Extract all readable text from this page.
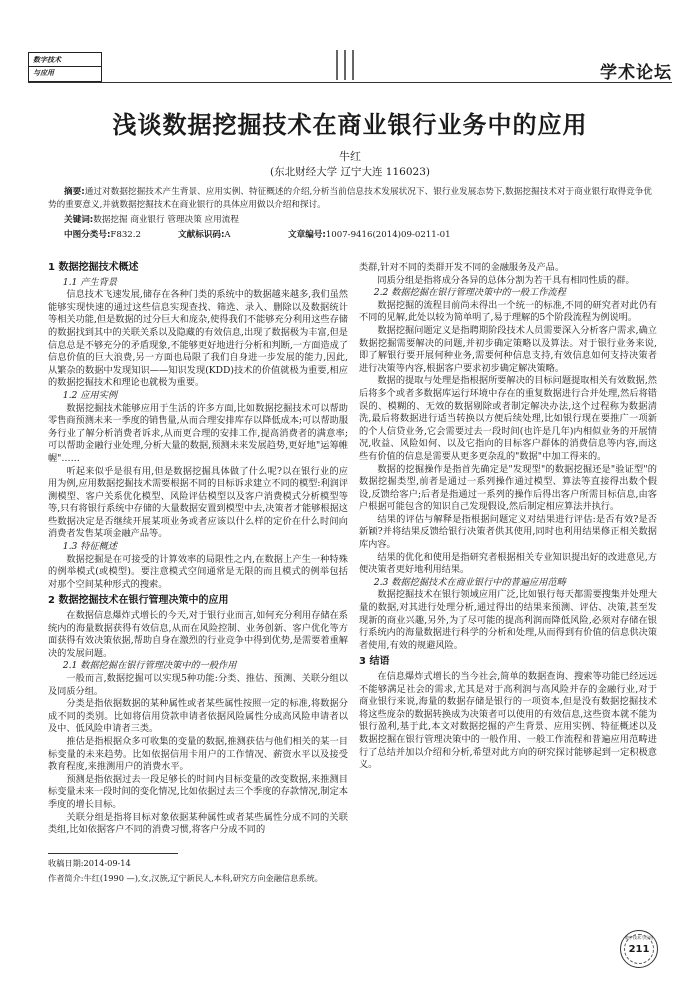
数字技术
与应用	学术论坛
浅谈数据挖掘技术在商业银行业务中的应用
牛红
(东北财经大学 辽宁大连 116023)
摘要:通过对数据挖掘技术产生背景、应用实例、特征概述的介绍,分析当前信息技术发展状况下、银行业发展态势下,数据挖掘技术对于商业银行取得竞争优势的重要意义,并就数据挖掘技术在商业银行的具体应用做以介绍和探讨。
关键词:数据挖掘 商业银行 管理决策 应用流程
中图分类号:F832.2	文献标识码:A	文章编号:1007-9416(2014)09-0211-01
1 数据挖掘技术概述
1.1 产生背景

信息技术飞速发展,储存在各种门类的系统中的数据越来越多,我们虽然能够实现快速的通过这些信息实现查找、筛选、录入、删除以及数据统计等相关功能,但是数据的过分巨大和庞杂,使得我们不能够充分利用这些存储的数据找到其中的关联关系以及隐藏的有效信息,出现了数据极为丰富,但是信息总是不够充分的矛盾现象,不能够更好地进行分析和判断,一方面造成了信息价值的巨大浪费,另一方面也局限了我们自身进一步发展的能力,因此,从繁杂的数据中发现知识——知识发现(KDD)技术的价值就极为重要,相应的数据挖掘技术和理论也就极为重要。

1.2 应用实例

数据挖掘技术能够应用于生活的许多方面,比如数据挖掘技术可以帮助零售商预测未来一季度的销售量,从而合理安排库存以降低成本;可以帮助服务行业了解分析消费者诉求,从而更合理的安排工作,提高消费者的满意率;可以帮助金融行业处理,分析大量的数据,预测未来发展趋势,更好地"运筹帷幄"……

听起来似乎是很有用,但是数据挖掘具体做了什么呢?以在银行业的应用为例,应用数据挖掘技术需要根据不同的目标诉求建立不同的模型:利润评测模型、客户关系优化模型、风险评估模型以及客户消费模式分析模型等等,只有将银行系统中存储的大量数据安置到模型中去,决策者才能够根据这些数据决定是否继续开展某项业务或者应该以什么样的定价在什么时间向消费者发售某项金融产品等。

1.3 特征概述

数据挖掘是在可接受的计算效率的局限性之内,在数据上产生一种特殊的例举模式(或模型)。要注意模式空间通常是无限的而且模式的例举包括对那个空间某种形式的搜索。

2 数据挖掘技术在银行管理决策中的应用

在数据信息爆炸式增长的今天,对于银行业而言,如何充分利用存储在系统内的海量数据获得有效信息,从而在风险控制、业务创新、客户优化等方面获得有效决策依据,帮助自身在激烈的行业竞争中得到优势,是需要着重解决的发展问题。

2.1 数据挖掘在银行管理决策中的一般作用

一般而言,数据挖掘可以实现5种功能:分类、推估、预测、关联分组以及同质分组。

分类是指依据数据的某种属性或者某些属性按照一定的标准,将数据分成不同的类别。比如将信用贷款申请者依据风险属性分成高风险申请者以及中、低风险申请者三类。

推估是指根据众多可收集的变量的数据,推测获估与他们相关的某一目标变量的未来趋势。比如依据信用卡用户的工作情况、薪资水平以及接受教育程度,来推测用户的消费水平。

预测是指依据过去一段足够长的时间内目标变量的改变数据,来推测目标变量未来一段时间的变化情况,比如依据过去三个季度的存款情况,制定本季度的增长目标。

关联分组是指将目标对象依据某种属性或者某些属性分成不同的关联类组,比如依据客户不同的消费习惯,将客户分成不同的

类群,针对不同的类群开发不同的金融服务及产品。

同质分组是指将成分各异的总体分割为若干具有相同性质的群。

2.2 数据挖掘在银行管理决策中的一般工作流程

数据挖掘的流程目前尚未得出一个统一的标准,不同的研究者对此仍有不同的见解,此处以较为简单明了,易于理解的5个阶段流程为例说明。

数据挖掘问题定义是指聘期阶段技术人员需要深入分析客户需求,确立数据挖掘需要解决的问题,并初步确定策略以及算法。对于银行业务来说,即了解银行要开展何种业务,需要何种信息支持,有效信息如何支持决策者进行决策等内容,根据客户要求初步确定解决策略。

数据的提取与处理是指根据所要解决的目标问题提取相关有效数据,然后将多个或者多数据库运行环境中存在的重复数据进行合并处理,然后将错误的、模糊的、无效的数据剔除或者制定解决办法,这个过程称为数据清洗,最后将数据进行适当转换以方便后续处理,比如银行现在要推广一项新的个人信贷业务,它会需要过去一段时间(也许是几年)内相似业务的开展情况,收益、风险如何、以及它指向的目标客户群体的消费信息等内容,而这些有价值的信息是需要从更多更杂乱的"数据"中加工得来的。

数据的挖掘操作是指首先确定是"发现型"的数据挖掘还是"验证型"的数据挖掘类型,前者是通过一系列操作通过模型、算法等直接得出数个假设,反馈给客户;后者是指通过一系列的操作后得出客户所需目标信息,由客户根据可能包含的知识自己发现假设,然后制定相应算法并执行。

结果的评估与解释是指根据问题定义对结果进行评估:是否有效?是否新颖?并将结果反馈给银行决策者供其使用,同时也利用结果修正相关数据库内容。

结果的优化和使用是指研究者根据相关专业知识提出好的改进意见,方便决策者更好地利用结果。

2.3 数据挖掘技术在商业银行中的普遍应用范畴

数据挖掘技术在银行领域应用广泛,比如银行每天都需要搜集并处理大量的数据,对其进行处理分析,通过得出的结果来预测、评估、决策,甚至发现新的商业兴趣,另外,为了尽可能的提高利润而降低风险,必须对存储在银行系统内的海量数据进行科学的分析和处理,从而得到有价值的信息供决策者使用,有效的规避风险。

3 结语

在信息爆炸式增长的当今社会,简单的数据查询、搜索等功能已经远远不能够满足社会的需求,尤其是对于高利润与高风险并存的金融行业,对于商业银行来说,海量的数据存储是银行的一项资本,但是没有数据挖掘技术将这些庞杂的数据转换成为决策者可以使用的有效信息,这些资本就不能为银行盈利,基于此,本文对数据挖掘的产生背景、应用实例、特征概述以及数据挖掘在银行管理决策中的一般作用、一般工作流程和普遍应用范畴进行了总结并加以介绍和分析,希望对此方向的研究探讨能够起到一定积极意义。

收稿日期:2014-09-14
作者简介:牛红(1990 —),女,汉族,辽宁新民人,本科,研究方向金融信息系统。
数字技术与应用
211
